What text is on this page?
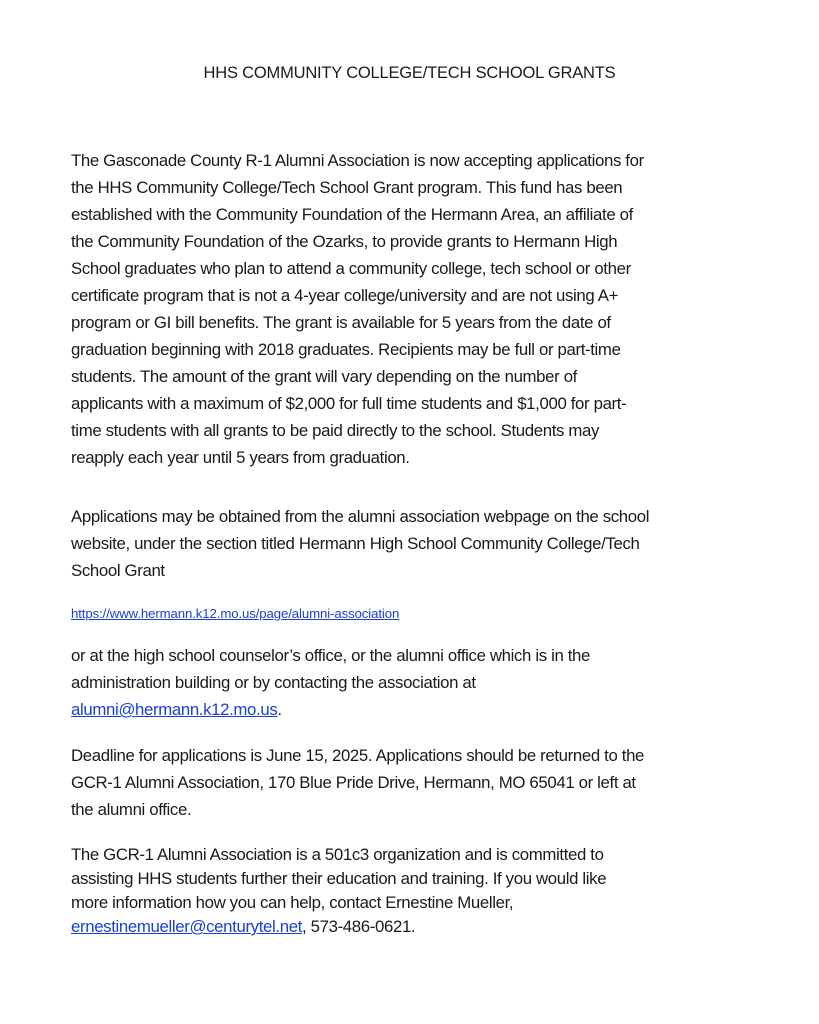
HHS COMMUNITY COLLEGE/TECH SCHOOL GRANTS
The Gasconade County R-1 Alumni Association is now accepting applications for
the HHS Community College/Tech School Grant program. This fund has been
established with the Community Foundation of the Hermann Area, an affiliate of
the Community Foundation of the Ozarks, to provide grants to Hermann High
School graduates who plan to attend a community college, tech school or other
certificate program that is not a 4-year college/university and are not using A+
program or GI bill benefits. The grant is available for 5 years from the date of
graduation beginning with 2018 graduates. Recipients may be full or part-time
students. The amount of the grant will vary depending on the number of
applicants with a maximum of $2,000 for full time students and $1,000 for part-
time students with all grants to be paid directly to the school. Students may
reapply each year until 5 years from graduation.
Applications may be obtained from the alumni association webpage on the school
website, under the section titled Hermann High School Community College/Tech
School Grant
https://www.hermann.k12.mo.us/page/alumni-association
or at the high school counselor’s office, or the alumni office which is in the
administration building or by contacting the association at
alumni@hermann.k12.mo.us.
Deadline for applications is June 15, 2025. Applications should be returned to the
GCR-1 Alumni Association, 170 Blue Pride Drive, Hermann, MO 65041 or left at
the alumni office.
The GCR-1 Alumni Association is a 501c3 organization and is committed to
assisting HHS students further their education and training. If you would like
more information how you can help, contact Ernestine Mueller,
ernestinemueller@centurytel.net, 573-486-0621.
